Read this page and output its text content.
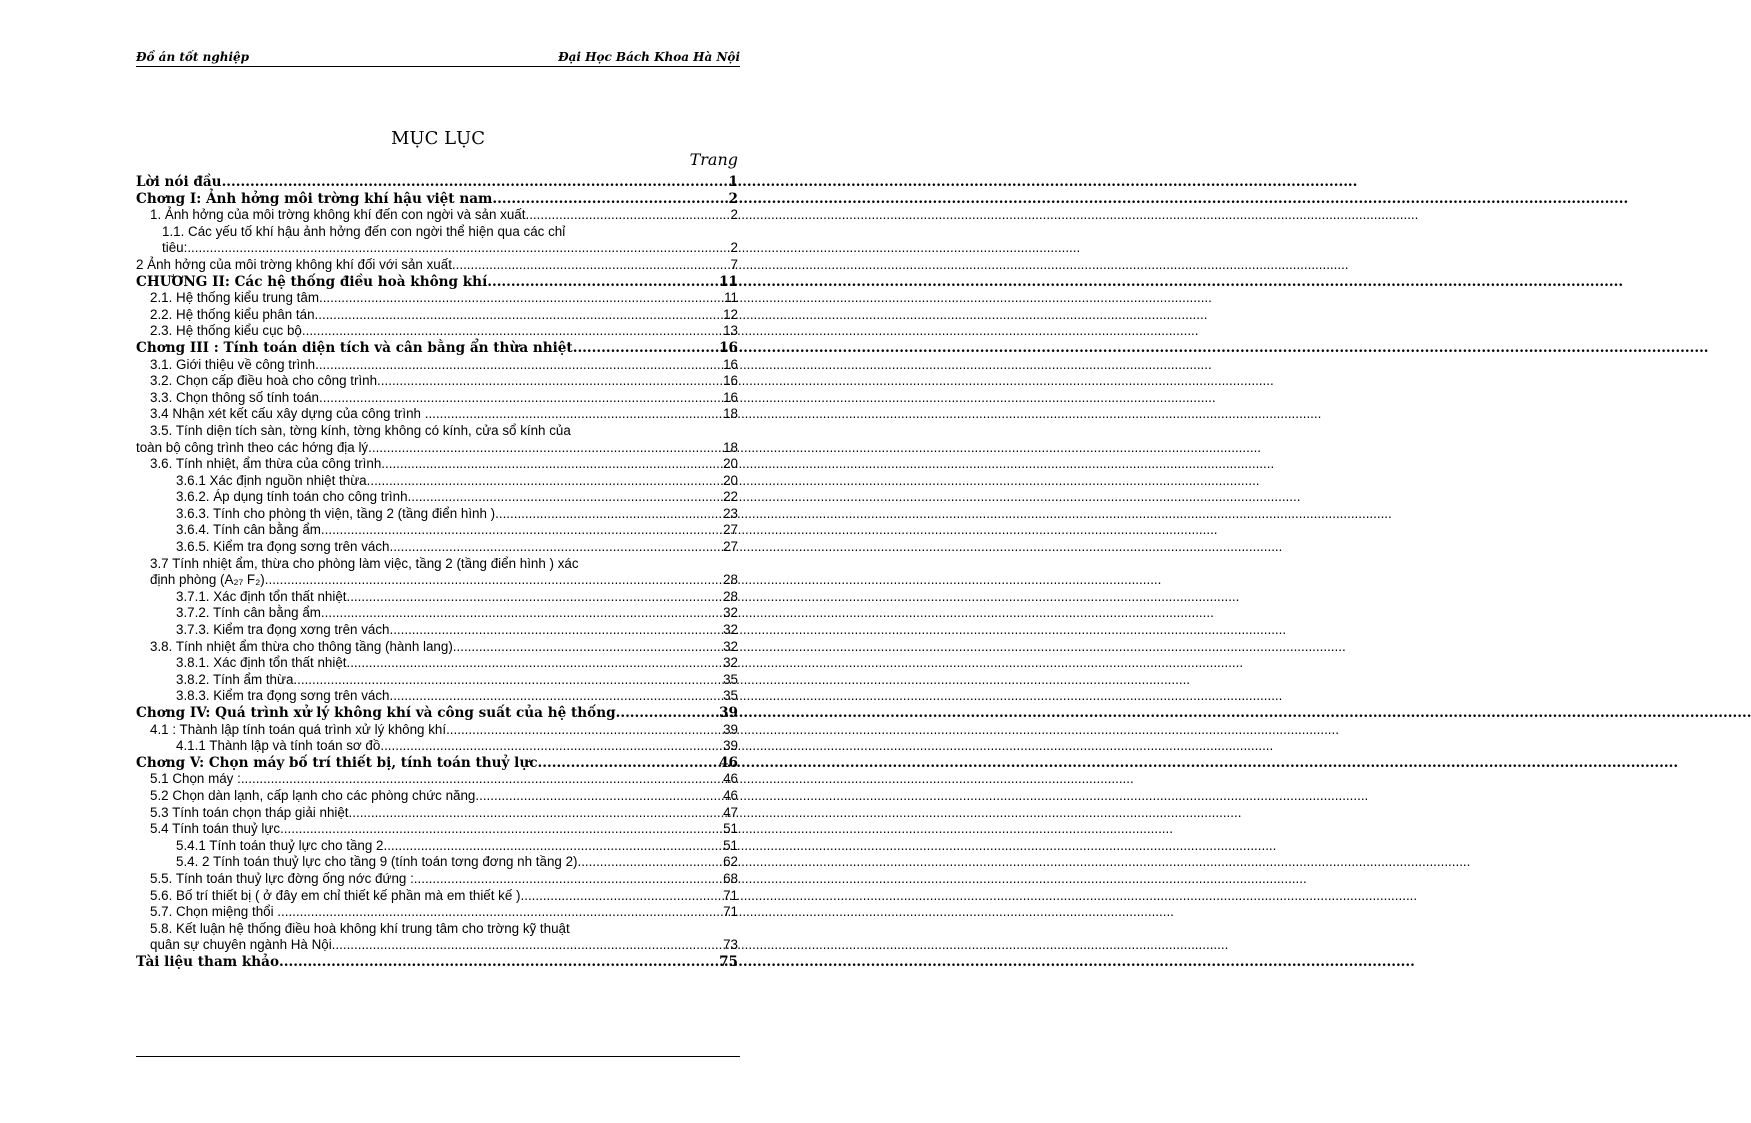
Đồ án tốt nghiệp	Đại Học Bách Khoa Hà Nội
MỤC LỤC
Trang
Lời nói đầu .....	1
Chơng I: Ảnh hởng môi trờng khí hậu việt nam .....	2
1. Ảnh hởng của môi trờng không khí đến con ngời và sản xuất .....	2
1.1. Các yếu tố khí hậu ảnh hởng đến con ngời thể hiện qua các chỉ
tiêu: .....	2
2 Ảnh hởng của môi trờng không khí đối với sản xuất. .....	7
CHƯƠNG II: Các hệ thống điều hoà không khí .....	11
2.1. Hệ thống kiểu trung tâm .....	11
2.2. Hệ thống kiểu phân tán .....	12
2.3. Hệ thống kiểu cục bộ. .....	13
Chơng III : Tính toán diện tích và cân bằng ẩn thừa nhiệt .....	16
3.1. Giới thiệu về công trình. .....	16
3.2. Chọn cấp điều hoà cho công trình. .....	16
3.3. Chọn thông số tính toán. .....	16
3.4 Nhận xét kết cấu xây dựng của công trình . .....	18
3.5. Tính diện tích sàn, tờng kính, tờng không có kính, cửa sổ kính của
toàn bộ công trình theo các hớng địa lý .....	18
3.6. Tính nhiệt, ẩm thừa của công trình .....	20
3.6.1 Xác định nguồn nhiệt thừa .....	20
3.6.2. Áp dụng tính toán cho công trình .....	22
3.6.3. Tính cho phòng th viện, tầng 2 (tầng điển hình ). .....	23
3.6.4. Tính cân bằng ẩm. .....	27
3.6.5. Kiểm tra đọng sơng trên vách .....	27
3.7 Tính nhiệt ẩm, thừa cho phòng làm việc, tầng 2 (tầng điển hình ) xác
định phòng (A₂₇ F₂). .....	28
3.7.1. Xác định tổn thất nhiệt .....	28
3.7.2. Tính cân bằng ẩm .....	32
3.7.3. Kiểm tra đọng xơng trên vách. .....	32
3.8. Tính nhiệt ẩm thừa cho thông tầng (hành lang) .....	32
3.8.1. Xác định tổn thất nhiệt. .....	32
3.8.2. Tính ẩm thừa. .....	35
3.8.3. Kiểm tra đọng sơng trên vách .....	35
Chơng IV: Quá trình xử lý không khí và công suất của hệ thống .....	39
4.1 : Thành lập tính toán quá trình xử lý không khí .....	39
4.1.1 Thành lập và tính toán sơ đồ .....	39
Chơng V: Chọn máy bố trí thiết bị, tính toán thuỷ lực. .....	46
5.1 Chọn máy : .....	46
5.2 Chọn dàn lạnh, cấp lạnh cho các phòng chức năng .....	46
5.3 Tính toán chọn tháp giải nhiệt .....	47
5.4 Tính toán thuỷ lực .....	51
5.4.1 Tính toán thuỷ lực cho tầng 2 .....	51
5.4. 2 Tính toán thuỷ lực cho tầng 9 (tính toán tơng đơng nh tầng 2) .....	62
5.5. Tính toán thuỷ lực đờng ống nớc đứng : .....	68
5.6. Bố trí thiết bị ( ở đây em chỉ thiết kế phần mà em thiết kế ). .....	71
5.7. Chọn miệng thổi . .....	71
5.8. Kết luận hệ thống điều hoà không khí trung tâm cho trờng kỹ thuật
quân sự chuyên ngành Hà Nội. .....	73
Tài liệu tham khảo .....	75
